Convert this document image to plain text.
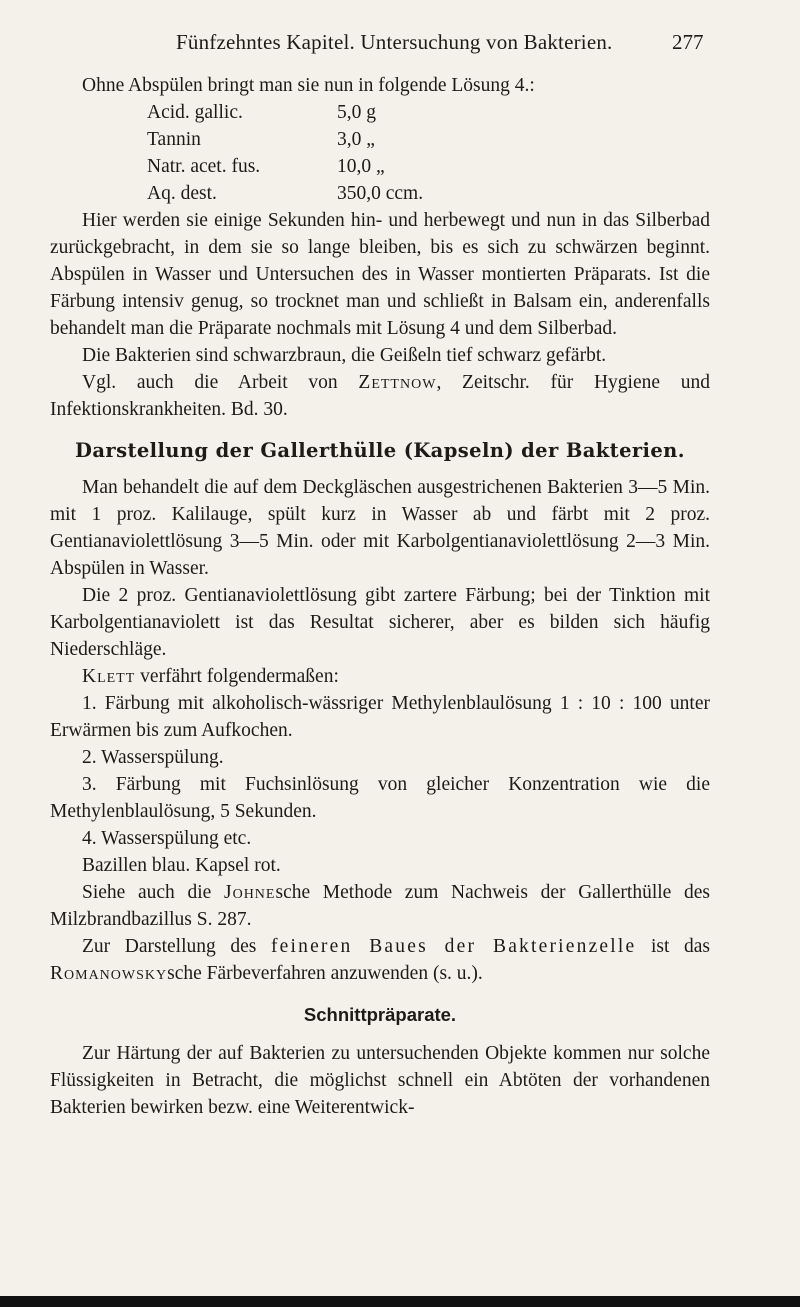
Fünfzehntes Kapitel. Untersuchung von Bakterien.	277

Ohne Abspülen bringt man sie nun in folgende Lösung 4.:

Acid. gallic.	5,0 g
Tannin	3,0 „
Natr. acet. fus.	10,0 „
Aq. dest.	350,0 ccm.

Hier werden sie einige Sekunden hin- und herbewegt und nun in das Silberbad zurückgebracht, in dem sie so lange bleiben, bis es sich zu schwärzen beginnt. Abspülen in Wasser und Untersuchen des in Wasser montierten Präparats. Ist die Färbung intensiv genug, so trocknet man und schließt in Balsam ein, anderenfalls behandelt man die Präparate nochmals mit Lösung 4 und dem Silberbad.

Die Bakterien sind schwarzbraun, die Geißeln tief schwarz gefärbt.

Vgl. auch die Arbeit von Zettnow, Zeitschr. für Hygiene und Infektionskrankheiten. Bd. 30.

Darstellung der Gallerthülle (Kapseln) der Bakterien.

Man behandelt die auf dem Deckgläschen ausgestrichenen Bakterien 3—5 Min. mit 1 proz. Kalilauge, spült kurz in Wasser ab und färbt mit 2 proz. Gentianaviolettlösung 3—5 Min. oder mit Karbolgentianaviolettlösung 2—3 Min. Abspülen in Wasser.

Die 2 proz. Gentianaviolettlösung gibt zartere Färbung; bei der Tinktion mit Karbolgentianaviolett ist das Resultat sicherer, aber es bilden sich häufig Niederschläge.

Klett verfährt folgendermaßen:

1. Färbung mit alkoholisch-wässriger Methylenblaulösung 1 : 10 : 100 unter Erwärmen bis zum Aufkochen.

2. Wasserspülung.

3. Färbung mit Fuchsinlösung von gleicher Konzentration wie die Methylenblaulösung, 5 Sekunden.

4. Wasserspülung etc.

Bazillen blau. Kapsel rot.

Siehe auch die Johnesche Methode zum Nachweis der Gallerthülle des Milzbrandbazillus S. 287.

Zur Darstellung des feineren Baues der Bakterienzelle ist das Romanowskysche Färbeverfahren anzuwenden (s. u.).

Schnittpräparate.

Zur Härtung der auf Bakterien zu untersuchenden Objekte kommen nur solche Flüssigkeiten in Betracht, die möglichst schnell ein Abtöten der vorhandenen Bakterien bewirken bezw. eine Weiterentwick-
